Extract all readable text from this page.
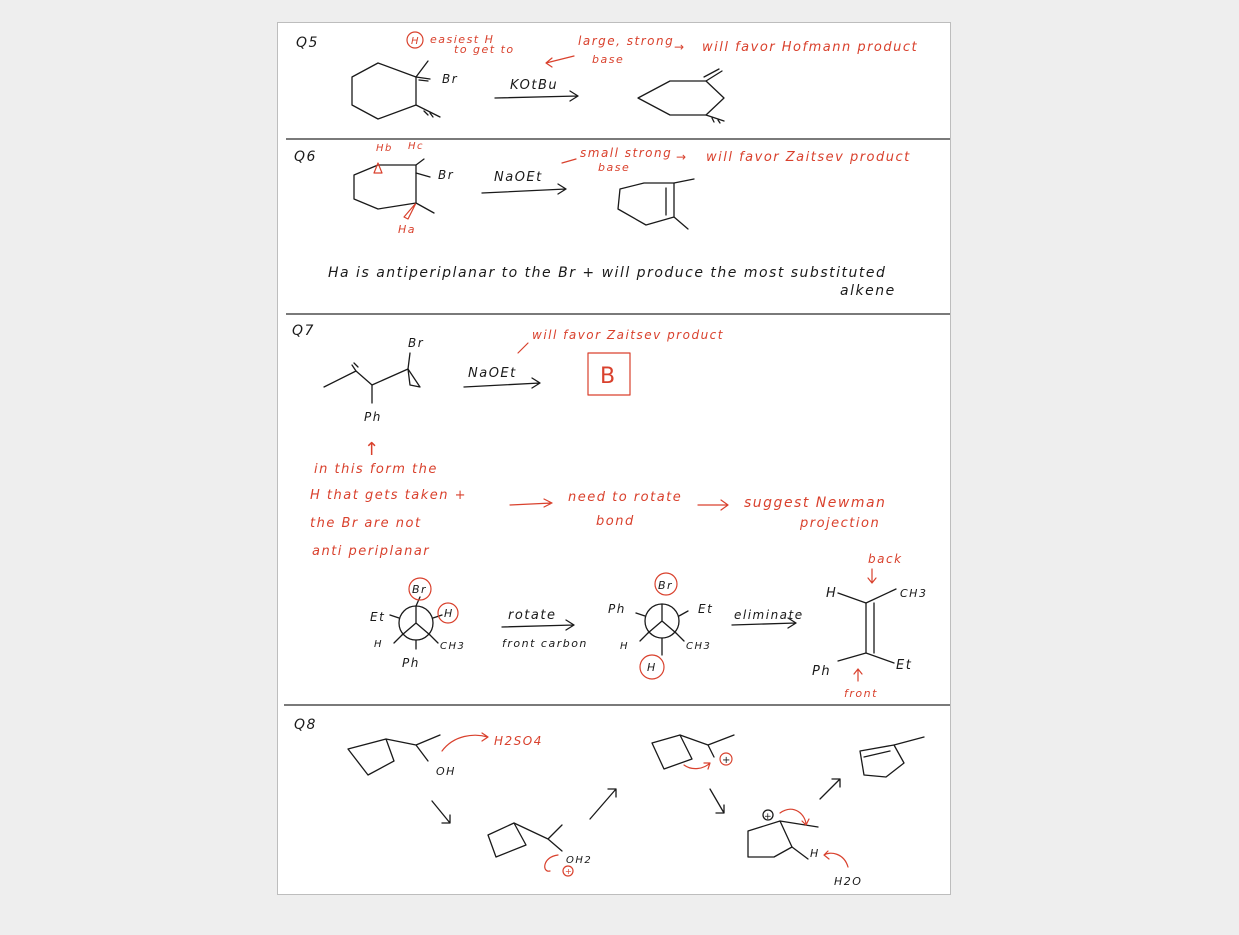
Q5	H easiest H
to get to
Br	KOtBu
large, strong
base
→ will favor Hofmann product
Q6
Hb Hc
Ha
Br	NaOEt
small strong
base
→ will favor Zaitsev product
Ha is antiperiplanar to the Br + will produce the most substituted
alkene
Q7
Br
Ph
NaOEt
will favor Zaitsev product
B
↑
in this form the
H that gets taken +
the Br are not
anti periplanar
need to rotate
bond
suggest Newman
projection
Br
Et	H
H	CH3
Ph
rotate
front carbon
Br
Ph	Et
H	CH3
H
eliminate
back
H	CH3
Ph	Et
front
Q8
OH
H2SO4
OH2
+
+
+
H
H2O
